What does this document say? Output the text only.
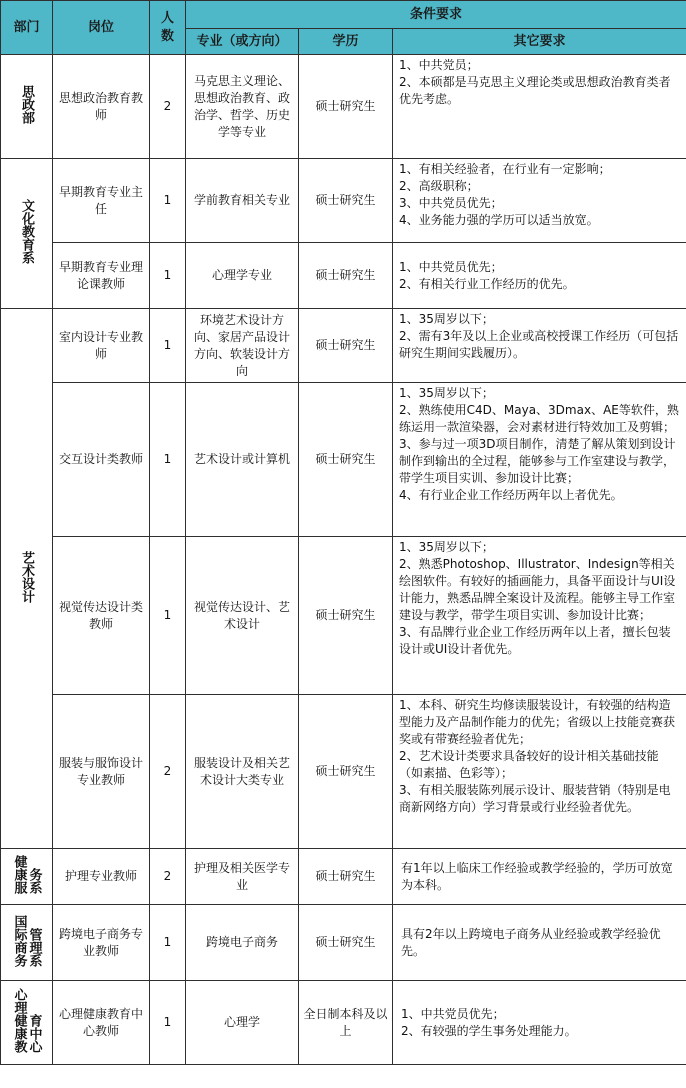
部门	岗位	人数	条件要求		
			专业（或方向）	学历	其它要求
思政部	思想政治教育教师	2	马克思主义理论、思想政治教育、政治学、哲学、历史学等专业	硕士研究生	1、中共党员；
2、本硕都是马克思主义理论类或思想政治教育类者优先考虑。

文化教育系	早期教育专业主任	1	学前教育相关专业	硕士研究生	1、有相关经验者，在行业有一定影响；
2、高级职称；
3、中共党员优先；
4、业务能力强的学历可以适当放宽。

	早期教育专业理论课教师	1	心理学专业	硕士研究生	1、中共党员优先；
2、有相关行业工作经历的优先。

艺术设计	室内设计专业教师	1	环境艺术设计方向、家居产品设计方向、软装设计方向	硕士研究生	1、35周岁以下；
2、需有3年及以上企业或高校授课工作经历（可包括研究生期间实践履历）。

	交互设计类教师	1	艺术设计或计算机	硕士研究生	1、35周岁以下；
2、熟练使用C4D、Maya、3Dmax、AE等软件，熟练运用一款渲染器，会对素材进行特效加工及剪辑；
3、参与过一项3D项目制作，清楚了解从策划到设计制作到输出的全过程，能够参与工作室建设与教学，带学生项目实训、参加设计比赛；
4、有行业企业工作经历两年以上者优先。

	视觉传达设计类教师	1	视觉传达设计、艺术设计	硕士研究生	1、35周岁以下；
2、熟悉Photoshop、Illustrator、Indesign等相关绘图软件。有较好的插画能力，具备平面设计与UI设计能力，熟悉品牌全案设计及流程。能够主导工作室建设与教学，带学生项目实训、参加设计比赛；
3、有品牌行业企业工作经历两年以上者，擅长包装设计或UI设计者优先。

	服装与服饰设计专业教师	2	服装设计及相关艺术设计大类专业	硕士研究生	1、本科、研究生均修读服装设计，有较强的结构造型能力及产品制作能力的优先；省级以上技能竞赛获奖或有带赛经验者优先；
2、艺术设计类要求具备较好的设计相关基础技能（如素描、色彩等）；
3、有相关服装陈列展示设计、服装营销（特别是电商新网络方向）学习背景或行业经验者优先。

健康服务系	护理专业教师	2	护理及相关医学专业	硕士研究生	有1年以上临床工作经验或教学经验的，学历可放宽为本科。

国际商务管理系	跨境电子商务专业教师	1	跨境电子商务	硕士研究生	具有2年以上跨境电子商务从业经验或教学经验优先。

心理健康教育中心	心理健康教育中心教师	1	心理学	全日制本科及以上	1、中共党员优先；
2、有较强的学生事务处理能力。
